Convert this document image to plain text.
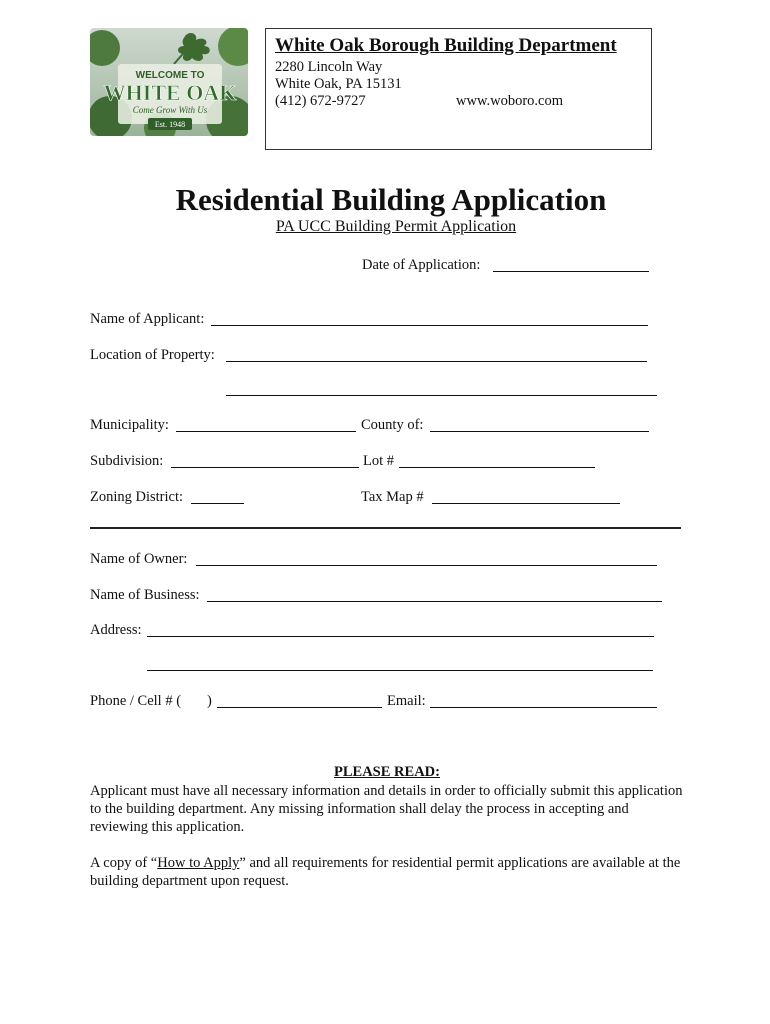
WELCOME TO
WHITE OAK
Come Grow With Us
Est. 1948
White Oak Borough Building Department
2280 Lincoln Way
White Oak, PA 15131
(412) 672-9727	www.woboro.com
Residential Building Application
PA UCC Building Permit Application
Date of Application:
Name of Applicant:
Location of Property:
Municipality:	County of:
Subdivision:	Lot #
Zoning District:	Tax Map #
Name of Owner:
Name of Business:
Address:
Phone / Cell # ( )	Email:
PLEASE READ:
Applicant must have all necessary information and details in order to officially submit this application to the building department. Any missing information shall delay the process in accepting and reviewing this application.
A copy of “How to Apply” and all requirements for residential permit applications are available at the building department upon request.
